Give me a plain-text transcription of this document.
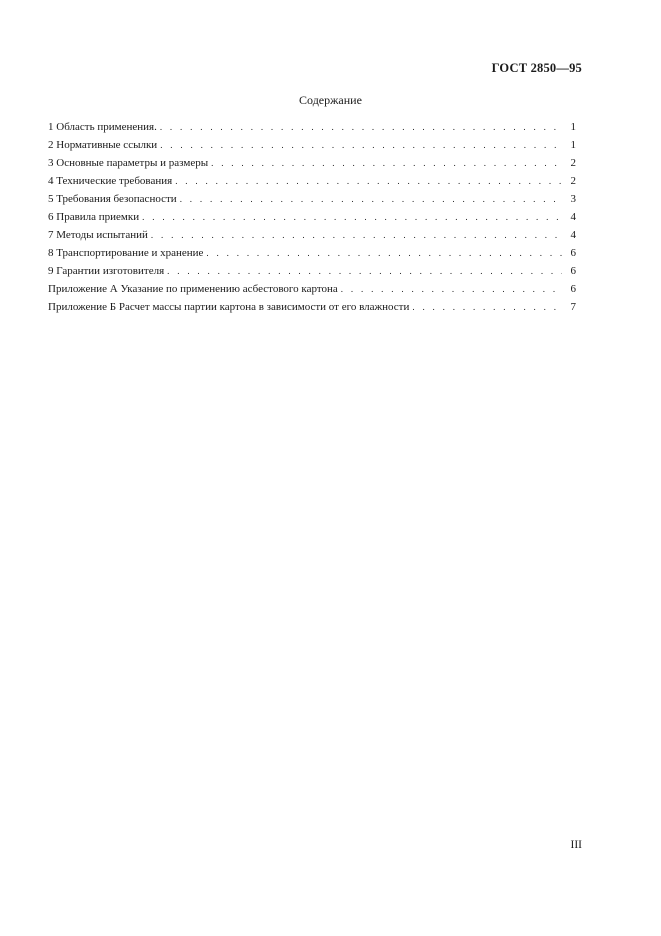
ГОСТ 2850—95
Содержание
1 Область применения. . . .	1
2 Нормативные ссылки . . .	1
3 Основные параметры и размеры . . .	2
4 Технические требования . . .	2
5 Требования безопасности . . .	3
6 Правила приемки . . .	4
7 Методы испытаний . . .	4
8 Транспортирование и хранение . . .	6
9 Гарантии изготовителя . . .	6
Приложение А Указание по применению асбестового картона . . .	6
Приложение Б Расчет массы партии картона в зависимости от его влажности . . .	7
III
